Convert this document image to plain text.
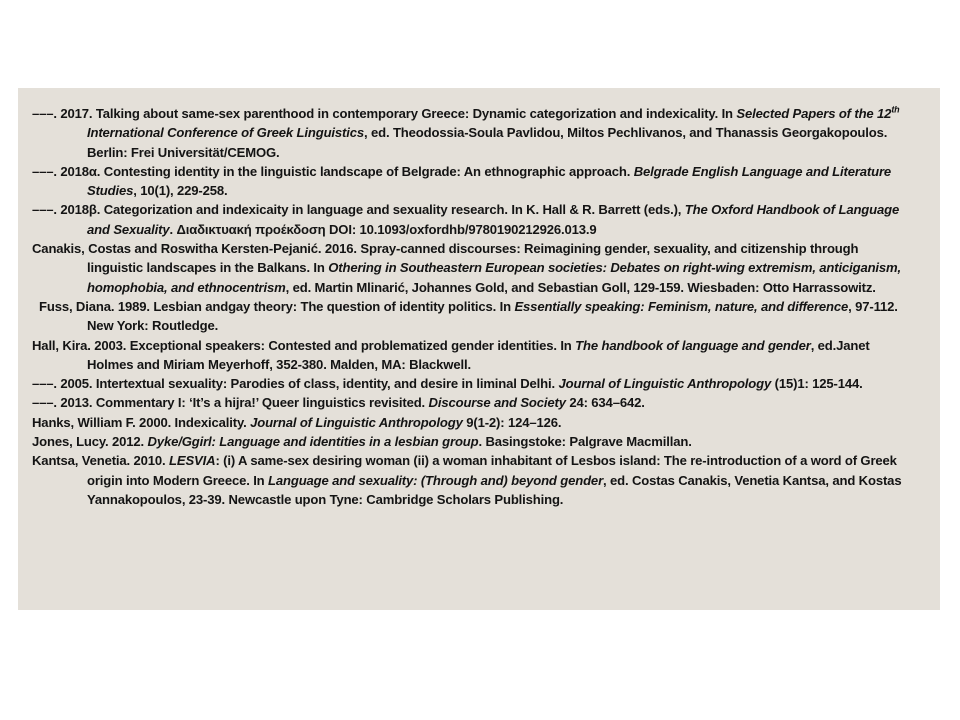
–––. 2017. Talking about same-sex parenthood in contemporary Greece: Dynamic categorization and indexicality. In Selected Papers of the 12th International Conference of Greek Linguistics, ed. Theodossia-Soula Pavlidou, Miltos Pechlivanos, and Thanassis Georgakopoulos. Berlin: Frei Universität/CEMOG.
–––. 2018α. Contesting identity in the linguistic landscape of Belgrade: An ethnographic approach. Belgrade English Language and Literature Studies, 10(1), 229-258.
–––. 2018β. Categorization and indexicaity in language and sexuality research. In K. Hall & R. Barrett (eds.), The Oxford Handbook of Language and Sexuality. Διαδικτυακή προέκδοση DOI: 10.1093/oxfordhb/9780190212926.013.9
Canakis, Costas and Roswitha Kersten-Pejanić. 2016. Spray-canned discourses: Reimagining gender, sexuality, and citizenship through linguistic landscapes in the Balkans. In Othering in Southeastern European societies: Debates on right-wing extremism, anticiganism, homophobia, and ethnocentrism, ed. Martin Mlinarić, Johannes Gold, and Sebastian Goll, 129-159. Wiesbaden: Otto Harrassowitz.
Fuss, Diana. 1989. Lesbian andgay theory: The question of identity politics. In Essentially speaking: Feminism, nature, and difference, 97-112. New York: Routledge.
Hall, Kira. 2003. Exceptional speakers: Contested and problematized gender identities. In The handbook of language and gender, ed.Janet Holmes and Miriam Meyerhoff, 352-380. Malden, MA: Blackwell.
–––. 2005. Intertextual sexuality: Parodies of class, identity, and desire in liminal Delhi. Journal of Linguistic Anthropology (15)1: 125-144.
–––. 2013. Commentary I: ‘It’s a hijra!’ Queer linguistics revisited. Discourse and Society 24: 634–642.
Hanks, William F. 2000. Indexicality. Journal of Linguistic Anthropology 9(1-2): 124–126.
Jones, Lucy. 2012. Dyke/Ggirl: Language and identities in a lesbian group. Basingstoke: Palgrave Macmillan.
Kantsa, Venetia. 2010. LESVIA: (i) A same-sex desiring woman (ii) a woman inhabitant of Lesbos island: The re-introduction of a word of Greek origin into Modern Greece. In Language and sexuality: (Through and) beyond gender, ed. Costas Canakis, Venetia Kantsa, and Kostas Yannakopoulos, 23-39. Newcastle upon Tyne: Cambridge Scholars Publishing.
